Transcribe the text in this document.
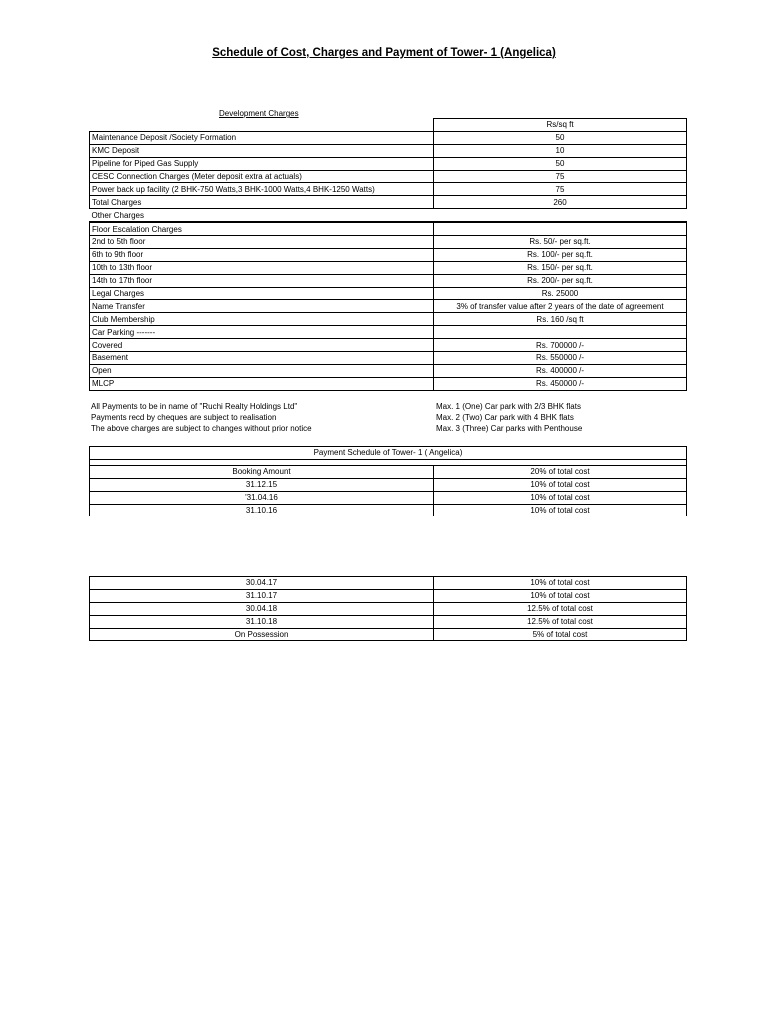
Schedule of Cost, Charges and Payment of Tower- 1 (Angelica)
Development Charges
	Rs/sq ft
Maintenance Deposit /Society Formation	50
KMC Deposit	10
Pipeline for Piped Gas Supply	50
CESC Connection Charges (Meter deposit extra at actuals)	75
Power back up facility (2 BHK-750 Watts,3 BHK-1000 Watts,4 BHK-1250 Watts)	75
Total Charges	260
Other Charges	
Floor Escalation Charges	
2nd to 5th floor	Rs. 50/- per sq.ft.
6th to 9th floor	Rs. 100/- per sq.ft.
10th to 13th floor	Rs. 150/- per sq.ft.
14th to 17th floor	Rs. 200/- per sq.ft.
Legal Charges	Rs. 25000
Name Transfer	3% of transfer value after 2 years of the date of agreement
Club Membership	Rs. 160 /sq ft
Car Parking -------	
Covered	Rs. 700000 /-
Basement	Rs. 550000 /-
Open	Rs. 400000 /-
MLCP	Rs. 450000 /-
All Payments to be in name of "Ruchi Realty Holdings Ltd"
Payments recd by cheques are subject to realisation
The above charges are subject to changes without prior notice
Max. 1 (One) Car park with 2/3 BHK flats
Max. 2 (Two) Car park with 4 BHK flats
Max. 3 (Three) Car parks with Penthouse
Payment Schedule of Tower- 1 ( Angelica)	

Booking Amount	20% of total cost
31.12.15	10% of total cost
'31.04.16	10% of total cost
31.10.16	10% of total cost
30.04.17	10% of total cost
31.10.17	10% of total cost
30.04.18	12.5% of total cost
31.10.18	12.5% of total cost
On Possession	5% of total cost
